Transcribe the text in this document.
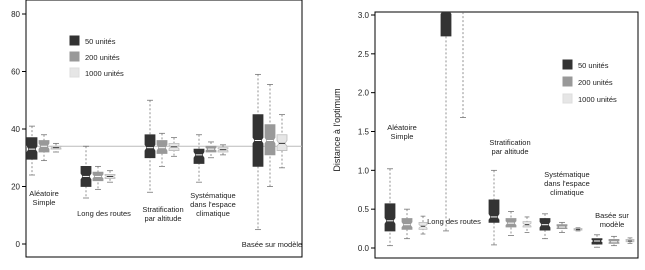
0
20
40
60
80
Aléatoire
Simple
Long des routes Stratification
par altitude
Systématique
dans l'espace
climatique
Basée sur modèle
50 unités
200 unités
1000 unités
0.0
0.5
1.0
1.5
2.0
2.5
3.0
Distance à l'optimum	Aléatoire
Simple
Long des routes
Stratification
par altitude
Systématique
dans l'espace
climatique
Basée sur
modèle
50 unités
200 unités
1000 unités
